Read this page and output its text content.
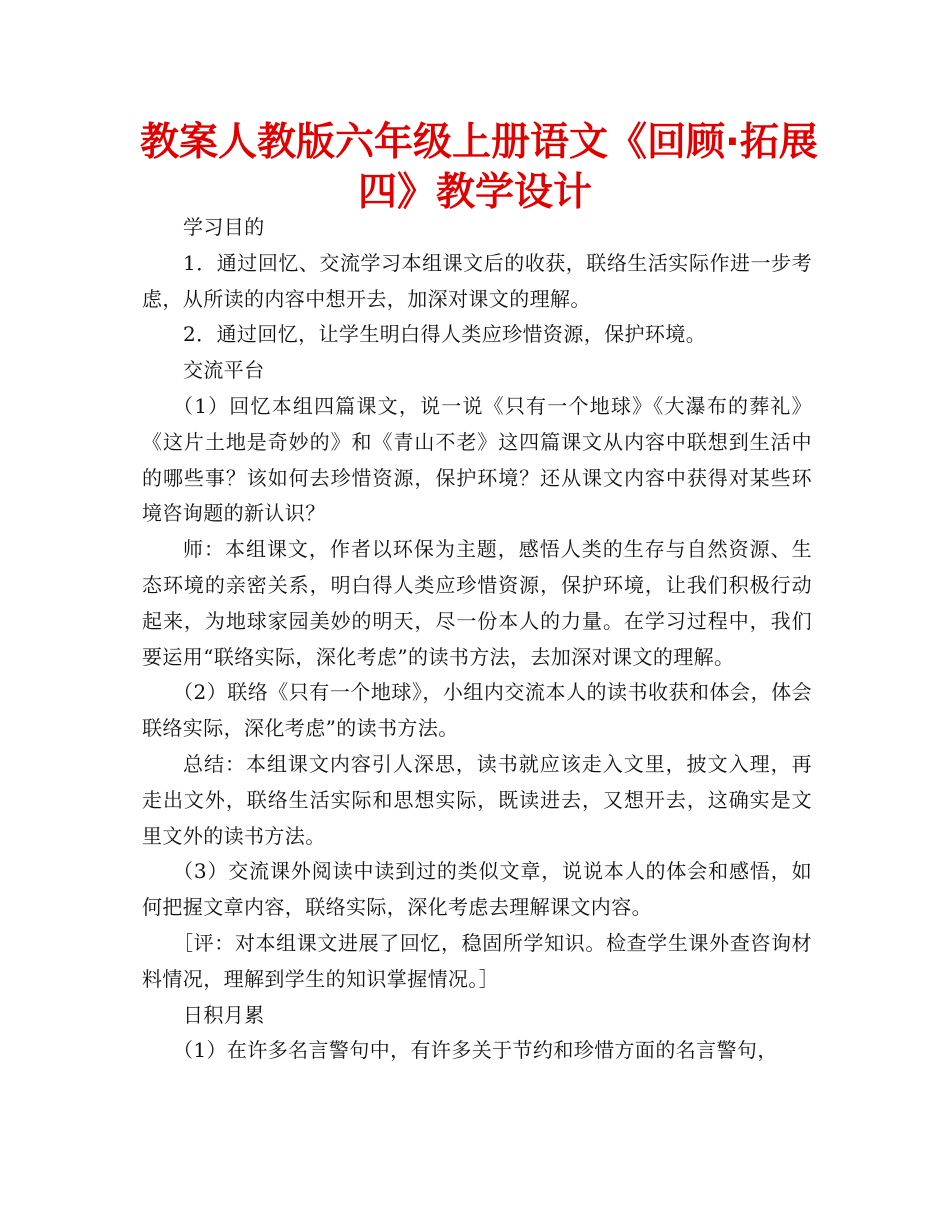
教案人教版六年级上册语文《回顾·拓展
四》教学设计

学习目的

1．通过回忆、交流学习本组课文后的收获，联络生活实际作进一步考虑，从所读的内容中想开去，加深对课文的理解。

2．通过回忆，让学生明白得人类应珍惜资源，保护环境。

交流平台

（1）回忆本组四篇课文，说一说《只有一个地球》《大瀑布的葬礼》《这片土地是奇妙的》和《青山不老》这四篇课文从内容中联想到生活中的哪些事？该如何去珍惜资源，保护环境？还从课文内容中获得对某些环境咨询题的新认识？

师：本组课文，作者以环保为主题，感悟人类的生存与自然资源、生态环境的亲密关系，明白得人类应珍惜资源，保护环境，让我们积极行动起来，为地球家园美妙的明天，尽一份本人的力量。在学习过程中，我们要运用“联络实际，深化考虑”的读书方法，去加深对课文的理解。

（2）联络《只有一个地球》，小组内交流本人的读书收获和体会，体会联络实际，深化考虑”的读书方法。

总结：本组课文内容引人深思，读书就应该走入文里，披文入理，再走出文外，联络生活实际和思想实际，既读进去，又想开去，这确实是文里文外的读书方法。

（3）交流课外阅读中读到过的类似文章，说说本人的体会和感悟，如何把握文章内容，联络实际，深化考虑去理解课文内容。

［评：对本组课文进展了回忆，稳固所学知识。检查学生课外查咨询材料情况，理解到学生的知识掌握情况。］

日积月累

（1）在许多名言警句中，有许多关于节约和珍惜方面的名言警句，
